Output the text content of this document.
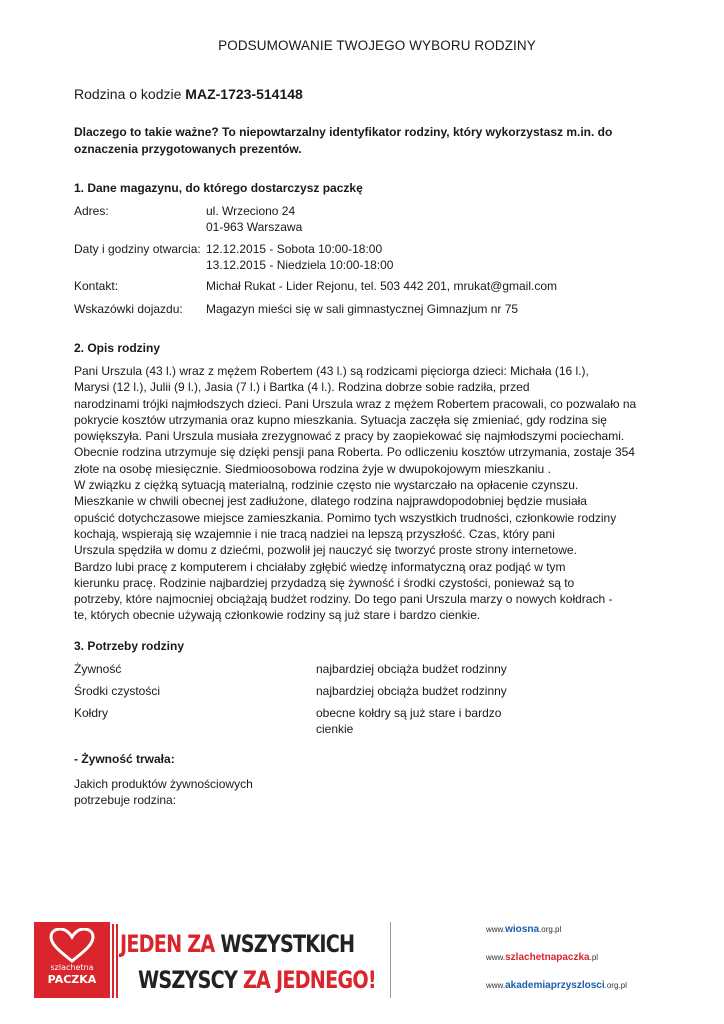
PODSUMOWANIE TWOJEGO WYBORU RODZINY
Rodzina o kodzie MAZ-1723-514148
Dlaczego to takie ważne? To niepowtarzalny identyfikator rodziny, który wykorzystasz m.in. do oznaczenia przygotowanych prezentów.
1. Dane magazynu, do którego dostarczysz paczkę
Adres:	ul. Wrzeciono 24
01-963 Warszawa
Daty i godziny otwarcia: 12.12.2015 - Sobota 10:00-18:00
13.12.2015 - Niedziela 10:00-18:00
Kontakt:	Michał Rukat - Lider Rejonu, tel. 503 442 201, mrukat@gmail.com
Wskazówki dojazdu: Magazyn mieści się w sali gimnastycznej Gimnazjum nr 75
2. Opis rodziny
Pani Urszula (43 l.) wraz z mężem Robertem (43 l.) są rodzicami pięciorga dzieci: Michała (16 l.),
Marysi (12 l.), Julii (9 l.), Jasia (7 l.) i Bartka (4 l.). Rodzina dobrze sobie radziła, przed
narodzinami trójki najmłodszych dzieci. Pani Urszula wraz z mężem Robertem pracowali, co pozwalało na
pokrycie kosztów utrzymania oraz kupno mieszkania. Sytuacja zaczęła się zmieniać, gdy rodzina się
powiększyła. Pani Urszula musiała zrezygnować z pracy by zaopiekować się najmłodszymi pociechami.
Obecnie rodzina utrzymuje się dzięki pensji pana Roberta. Po odliczeniu kosztów utrzymania, zostaje 354
złote na osobę miesięcznie. Siedmioosobowa rodzina żyje w dwupokojowym mieszkaniu .
W związku z ciężką sytuacją materialną, rodzinie często nie wystarczało na opłacenie czynszu.
Mieszkanie w chwili obecnej jest zadłużone, dlatego rodzina najprawdopodobniej będzie musiała
opuścić dotychczasowe miejsce zamieszkania. Pomimo tych wszystkich trudności, członkowie rodziny
kochają, wspierają się wzajemnie i nie tracą nadziei na lepszą przyszłość. Czas, który pani
Urszula spędziła w domu z dziećmi, pozwolił jej nauczyć się tworzyć proste strony internetowe.
Bardzo lubi pracę z komputerem i chciałaby zgłębić wiedzę informatyczną oraz podjąć w tym
kierunku pracę. Rodzinie najbardziej przydadzą się żywność i środki czystości, ponieważ są to
potrzeby, które najmocniej obciążają budżet rodziny. Do tego pani Urszula marzy o nowych kołdrach -
te, których obecnie używają członkowie rodziny są już stare i bardzo cienkie.
3. Potrzeby rodziny
Żywność	najbardziej obciąża budżet rodzinny
Środki czystości	najbardziej obciąża budżet rodzinny
Kołdry	obecne kołdry są już stare i bardzo cienkie
- Żywność trwała:
Jakich produktów żywnościowych potrzebuje rodzina:
szlachetna
PACZKA
JEDEN ZA WSZYSTKICH
WSZYSCY ZA JEDNEGO!
www.wiosna.org.pl
www.szlachetnapaczka.pl
www.akademiaprzyszlosci.org.pl
